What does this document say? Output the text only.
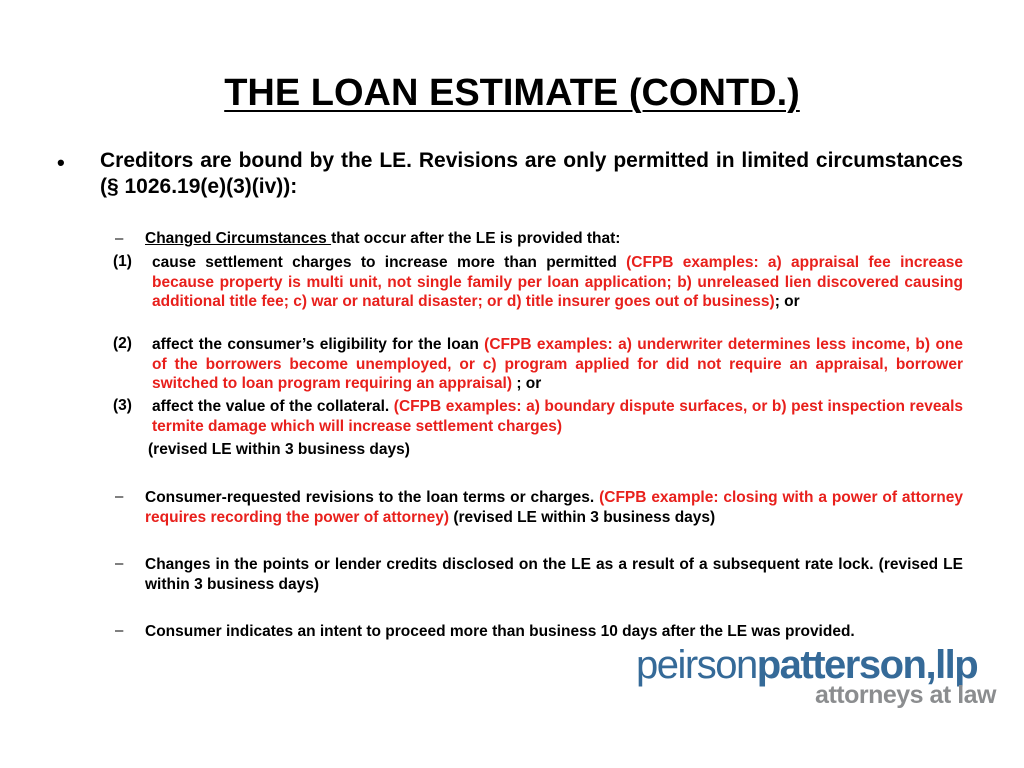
THE LOAN ESTIMATE (CONTD.)
• Creditors are bound by the LE. Revisions are only permitted in limited circumstances (§ 1026.19(e)(3)(iv)):
– Changed Circumstances that occur after the LE is provided that:
(1) cause settlement charges to increase more than permitted (CFPB examples: a) appraisal fee increase because property is multi unit, not single family per loan application; b) unreleased lien discovered causing additional title fee; c) war or natural disaster; or d) title insurer goes out of business); or
(2) affect the consumer’s eligibility for the loan (CFPB examples: a) underwriter determines less income, b) one of the borrowers become unemployed, or c) program applied for did not require an appraisal, borrower switched to loan program requiring an appraisal) ; or
(3) affect the value of the collateral. (CFPB examples: a) boundary dispute surfaces, or b) pest inspection reveals termite damage which will increase settlement charges)
(revised LE within 3 business days)
– Consumer-requested revisions to the loan terms or charges. (CFPB example: closing with a power of attorney requires recording the power of attorney) (revised LE within 3 business days)
– Changes in the points or lender credits disclosed on the LE as a result of a subsequent rate lock. (revised LE within 3 business days)
– Consumer indicates an intent to proceed more than business 10 days after the LE was provided.
peirsonpatterson,llp
attorneys at law
